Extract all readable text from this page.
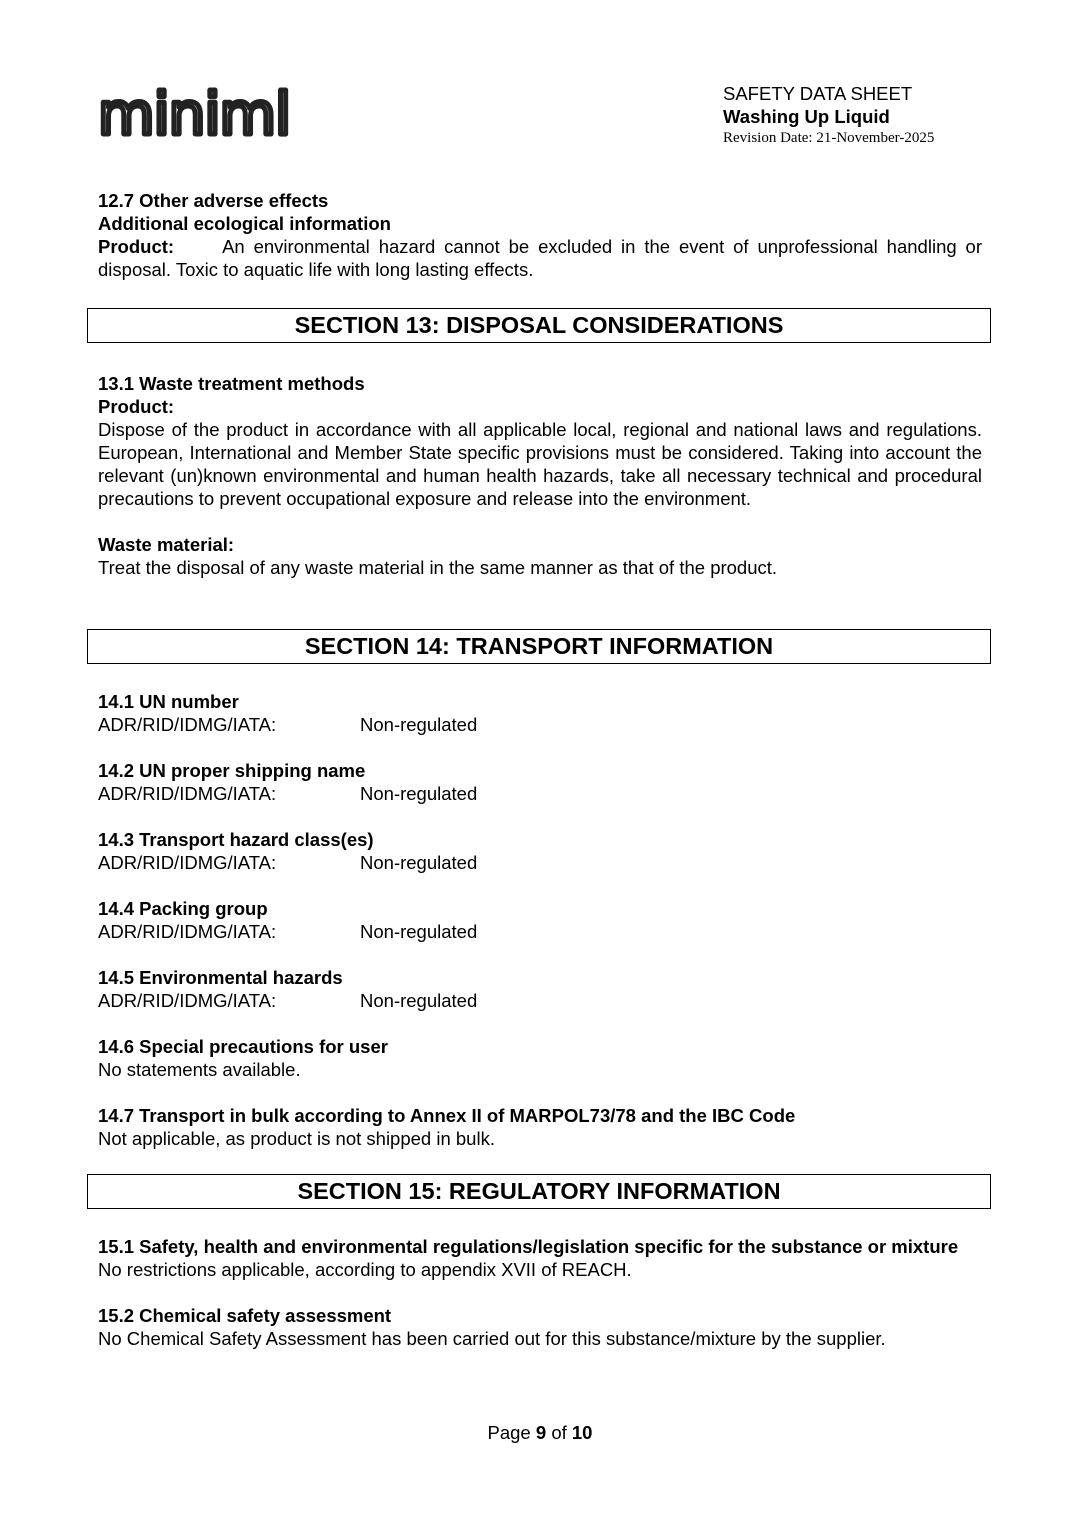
miniml	SAFETY DATA SHEET
Washing Up Liquid
Revision Date: 21-November-2025
12.7 Other adverse effects
Additional ecological information
Product:	An environmental hazard cannot be excluded in the event of unprofessional handling or disposal. Toxic to aquatic life with long lasting effects.
SECTION 13: DISPOSAL CONSIDERATIONS
13.1 Waste treatment methods
Product:
Dispose of the product in accordance with all applicable local, regional and national laws and regulations. European, International and Member State specific provisions must be considered. Taking into account the relevant (un)known environmental and human health hazards, take all necessary technical and procedural precautions to prevent occupational exposure and release into the environment.
Waste material:
Treat the disposal of any waste material in the same manner as that of the product.
SECTION 14: TRANSPORT INFORMATION
14.1 UN number
ADR/RID/IDMG/IATA:	Non-regulated
14.2 UN proper shipping name
ADR/RID/IDMG/IATA:	Non-regulated
14.3 Transport hazard class(es)
ADR/RID/IDMG/IATA:	Non-regulated
14.4 Packing group
ADR/RID/IDMG/IATA:	Non-regulated
14.5 Environmental hazards
ADR/RID/IDMG/IATA:	Non-regulated
14.6 Special precautions for user
No statements available.
14.7 Transport in bulk according to Annex II of MARPOL73/78 and the IBC Code
Not applicable, as product is not shipped in bulk.
SECTION 15: REGULATORY INFORMATION
15.1 Safety, health and environmental regulations/legislation specific for the substance or mixture
No restrictions applicable, according to appendix XVII of REACH.
15.2 Chemical safety assessment
No Chemical Safety Assessment has been carried out for this substance/mixture by the supplier.
Page 9 of 10
